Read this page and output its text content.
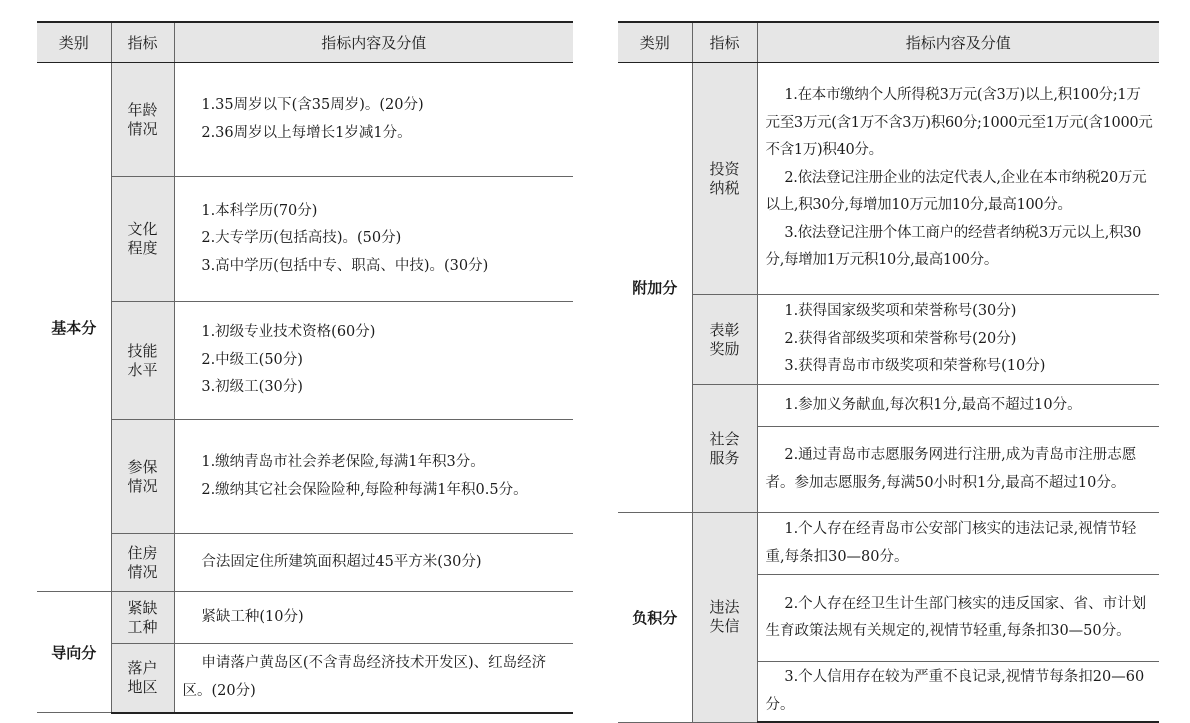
类别	指标	指标内容及分值
基本分	年龄情况	1.35周岁以下(含35周岁)。(20分)

2.36周岁以上每增长1岁减1分。

	文化程度	1.本科学历(70分)

2.大专学历(包括高技)。(50分)

3.高中学历(包括中专、职高、中技)。(30分)

	技能水平	1.初级专业技术资格(60分)

2.中级工(50分)

3.初级工(30分)

	参保情况	1.缴纳青岛市社会养老保险,每满1年积3分。

2.缴纳其它社会保险险种,每险种每满1年积0.5分。

	住房情况	合法固定住所建筑面积超过45平方米(30分)

导向分	紧缺工种	紧缺工种(10分)

	落户地区	申请落户黄岛区(不含青岛经济技术开发区)、红岛经济区。(20分)

类别	指标	指标内容及分值
附加分	投资纳税	1.在本市缴纳个人所得税3万元(含3万)以上,积100分;1万元至3万元(含1万不含3万)积60分;1000元至1万元(含1000元不含1万)积40分。

2.依法登记注册企业的法定代表人,企业在本市纳税20万元以上,积30分,每增加10万元加10分,最高100分。

3.依法登记注册个体工商户的经营者纳税3万元以上,积30分,每增加1万元积10分,最高100分。

	表彰奖励	1.获得国家级奖项和荣誉称号(30分)

2.获得省部级奖项和荣誉称号(20分)

3.获得青岛市市级奖项和荣誉称号(10分)

	社会服务	1.参加义务献血,每次积1分,最高不超过10分。

		2.通过青岛市志愿服务网进行注册,成为青岛市注册志愿者。参加志愿服务,每满50小时积1分,最高不超过10分。

负积分	违法失信	1.个人存在经青岛市公安部门核实的违法记录,视情节轻重,每条扣30—80分。

		2.个人存在经卫生计生部门核实的违反国家、省、市计划生育政策法规有关规定的,视情节轻重,每条扣30—50分。

		3.个人信用存在较为严重不良记录,视情节每条扣20—60分。
